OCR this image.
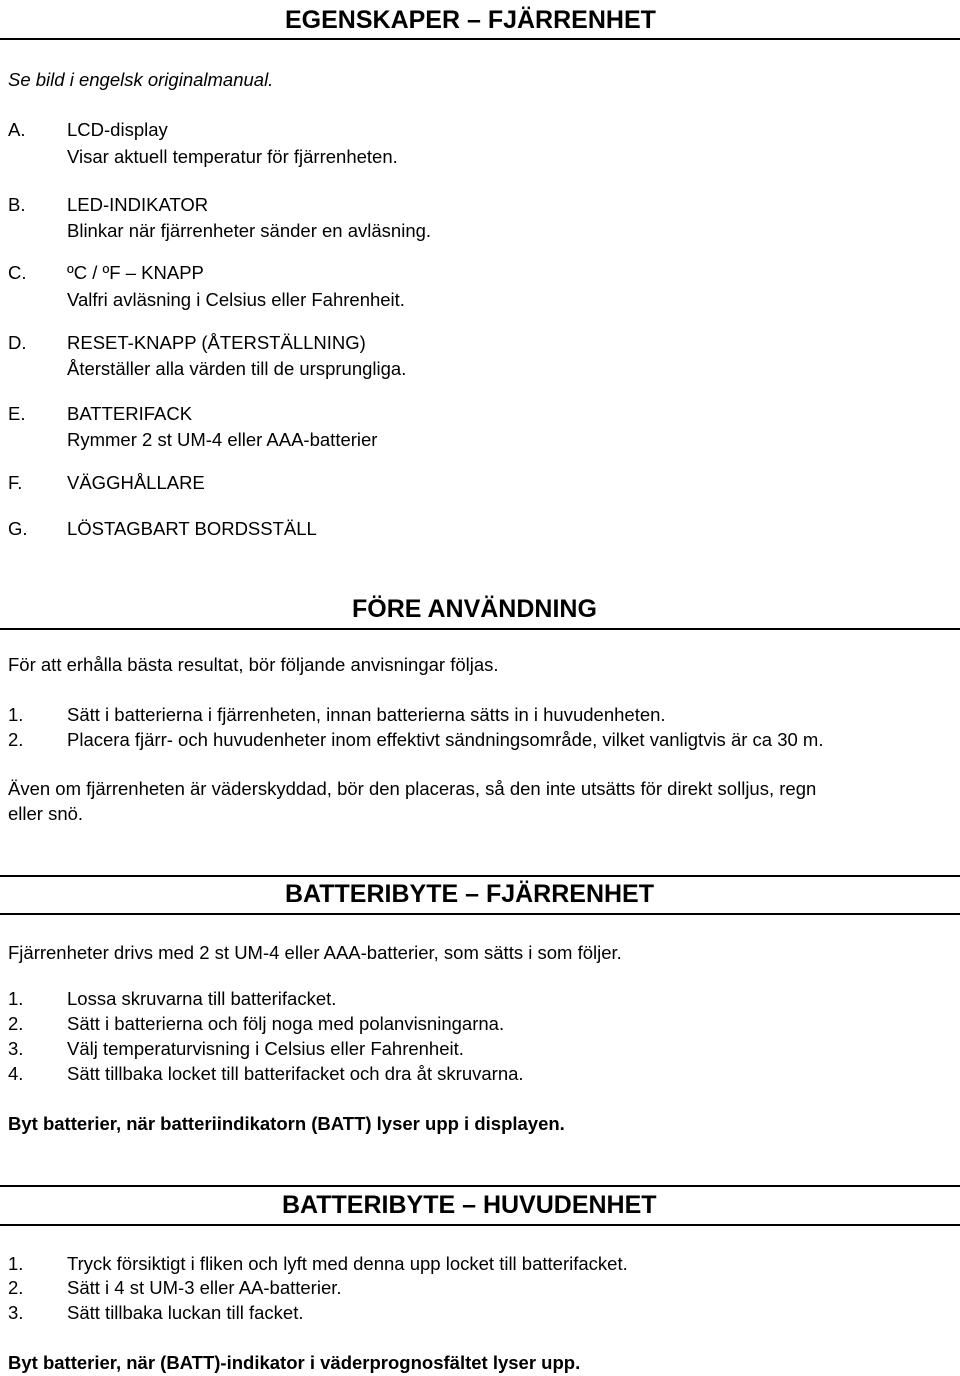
EGENSKAPER – FJÄRRENHET
Se bild i engelsk originalmanual.
A. LCD-display
Visar aktuell temperatur för fjärrenheten.
B. LED-INDIKATOR
Blinkar när fjärrenheter sänder en avläsning.
C. ºC / ºF – KNAPP
Valfri avläsning i Celsius eller Fahrenheit.
D. RESET-KNAPP (ÅTERSTÄLLNING)
Återställer alla värden till de ursprungliga.
E. BATTERIFACK
Rymmer 2 st UM-4 eller AAA-batterier
F. VÄGGHÅLLARE
G. LÖSTAGBART BORDSSTÄLL
FÖRE ANVÄNDNING
För att erhålla bästa resultat, bör följande anvisningar följas.
1. Sätt i batterierna i fjärrenheten, innan batterierna sätts in i huvudenheten.
2. Placera fjärr- och huvudenheter inom effektivt sändningsområde, vilket vanligtvis är ca 30 m.
Även om fjärrenheten är väderskyddad, bör den placeras, så den inte utsätts för direkt solljus, regn
eller snö.
BATTERIBYTE – FJÄRRENHET
Fjärrenheter drivs med 2 st UM-4 eller AAA-batterier, som sätts i som följer.
1. Lossa skruvarna till batterifacket.
2. Sätt i batterierna och följ noga med polanvisningarna.
3. Välj temperaturvisning i Celsius eller Fahrenheit.
4. Sätt tillbaka locket till batterifacket och dra åt skruvarna.
Byt batterier, när batteriindikatorn (BATT) lyser upp i displayen.
BATTERIBYTE – HUVUDENHET
1. Tryck försiktigt i fliken och lyft med denna upp locket till batterifacket.
2. Sätt i 4 st UM-3 eller AA-batterier.
3. Sätt tillbaka luckan till facket.
Byt batterier, när (BATT)-indikator i väderprognosfältet lyser upp.
